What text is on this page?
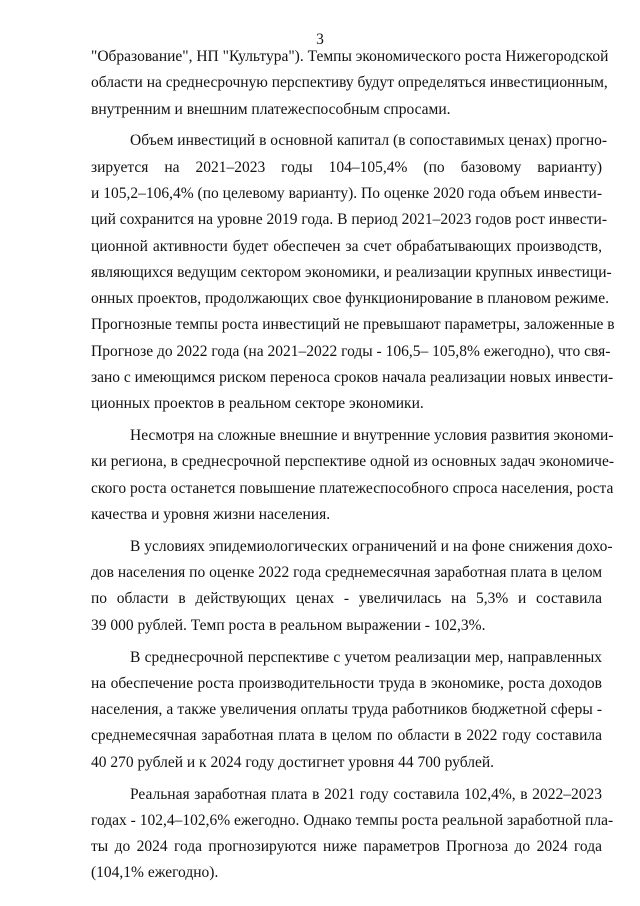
3
"Образование", НП "Культура"). Темпы экономического роста Нижегородской
области на среднесрочную перспективу будут определяться инвестиционным,
внутренним и внешним платежеспособным спросами.
Объем инвестиций в основной капитал (в сопоставимых ценах) прогно-
зируется на 2021–2023 годы 104–105,4% (по базовому варианту)
и 105,2–106,4% (по целевому варианту). По оценке 2020 года объем инвести-
ций сохранится на уровне 2019 года. В период 2021–2023 годов рост инвести-
ционной активности будет обеспечен за счет обрабатывающих производств,
являющихся ведущим сектором экономики, и реализации крупных инвестици-
онных проектов, продолжающих свое функционирование в плановом режиме.
Прогнозные темпы роста инвестиций не превышают параметры, заложенные в
Прогнозе до 2022 года (на 2021–2022 годы - 106,5– 105,8% ежегодно), что свя-
зано с имеющимся риском переноса сроков начала реализации новых инвести-
ционных проектов в реальном секторе экономики.
Несмотря на сложные внешние и внутренние условия развития экономи-
ки региона, в среднесрочной перспективе одной из основных задач экономиче-
ского роста останется повышение платежеспособного спроса населения, роста
качества и уровня жизни населения.
В условиях эпидемиологических ограничений и на фоне снижения дохо-
дов населения по оценке 2022 года среднемесячная заработная плата в целом
по области в действующих ценах - увеличилась на 5,3% и составила
39 000 рублей. Темп роста в реальном выражении - 102,3%.
В среднесрочной перспективе с учетом реализации мер, направленных
на обеспечение роста производительности труда в экономике, роста доходов
населения, а также увеличения оплаты труда работников бюджетной сферы -
среднемесячная заработная плата в целом по области в 2022 году составила
40 270 рублей и к 2024 году достигнет уровня 44 700 рублей.
Реальная заработная плата в 2021 году составила 102,4%, в 2022–2023
годах - 102,4–102,6% ежегодно. Однако темпы роста реальной заработной пла-
ты до 2024 года прогнозируются ниже параметров Прогноза до 2024 года
(104,1% ежегодно).
